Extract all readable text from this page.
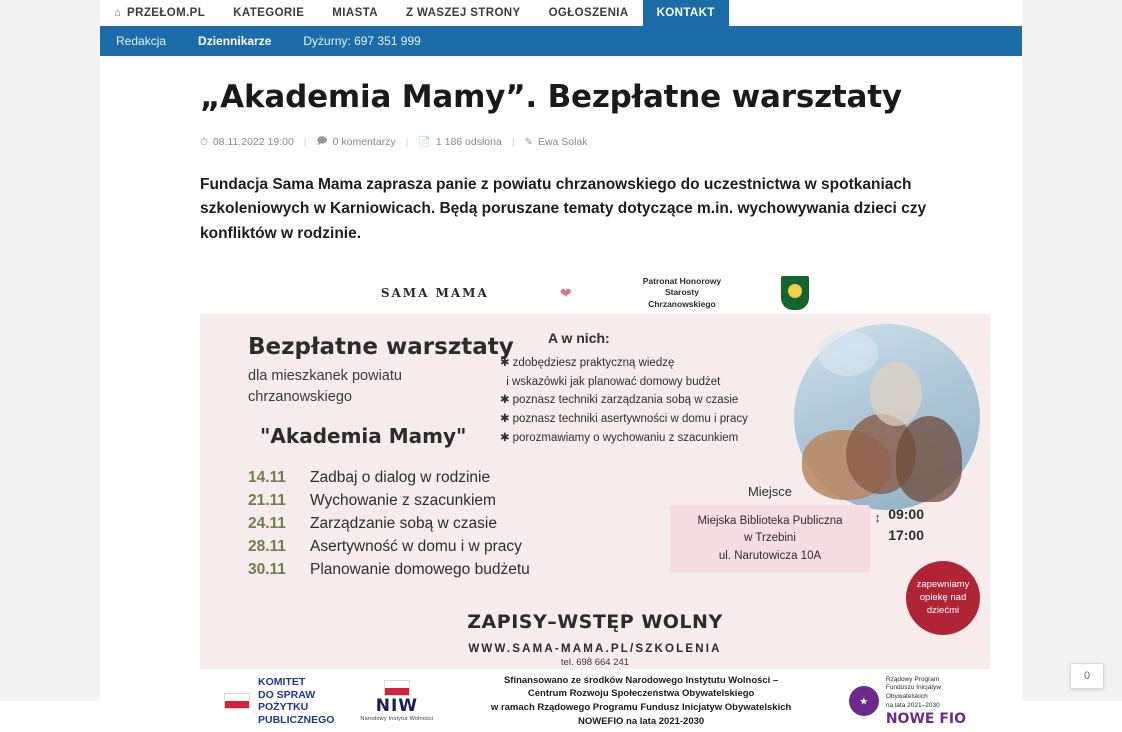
⌂ PRZEŁOM.PL KATEGORIE MIASTA Z WASZEJ STRONY OGŁOSZENIA KONTAKT
Redakcja	Dziennikarze	Dyżurny: 697 351 999
„Akademia Mamy”. Bezpłatne warsztaty
⏱ 08.11.2022 19:00 |	🗩 0 komentarzy |	📄 1 186 odsłona |	✎ Ewa Solak

Fundacja Sama Mama zaprasza panie z powiatu chrzanowskiego do uczestnictwa w spotkaniach szkoleniowych w Karniowicach. Będą poruszane tematy dotyczące m.in. wychowywania dzieci czy konfliktów w rodzinie.

SAMA MAMA	❤
Patronat Honorowy
Starosty
Chrzanowskiego
Bezpłatne warsztaty
dla mieszkanek powiatu
chrzanowskiego
"Akademia Mamy"
A w nich:
✱ zdobędziesz praktyczną wiedzę
i wskazówki jak planować domowy budżet
✱ poznasz techniki zarządzania sobą w czasie
✱ poznasz techniki asertywności w domu i pracy
✱ porozmawiamy o wychowaniu z szacunkiem
14.11	Zadbaj o dialog w rodzinie
21.11	Wychowanie z szacunkiem
24.11	Zarządzanie sobą w czasie
28.11	Asertywność w domu i w pracy
30.11	Planowanie domowego budżetu
Miejsce
Miejska Biblioteka Publiczna
w Trzebini
ul. Narutowicza 10A
↕ 09:00
17:00
zapewniamy opiekę nad dziećmi
ZAPISY–WSTĘP WOLNY
WWW.SAMA-MAMA.PL/SZKOLENIA
tel. 698 664 241
KOMITET
DO SPRAW
POŻYTKU
PUBLICZNEGO
NIW
Narodowy Instytut Wolności
Sfinansowano ze środków Narodowego Instytutu Wolności –
Centrum Rozwoju Społeczeństwa Obywatelskiego
w ramach Rządowego Programu Fundusz Inicjatyw Obywatelskich
NOWEFIO na lata 2021-2030
⋆
Rządowy Program
Funduszu Inicjatyw
Obywatelskich
na lata 2021–2030
NOWE FIO
0
